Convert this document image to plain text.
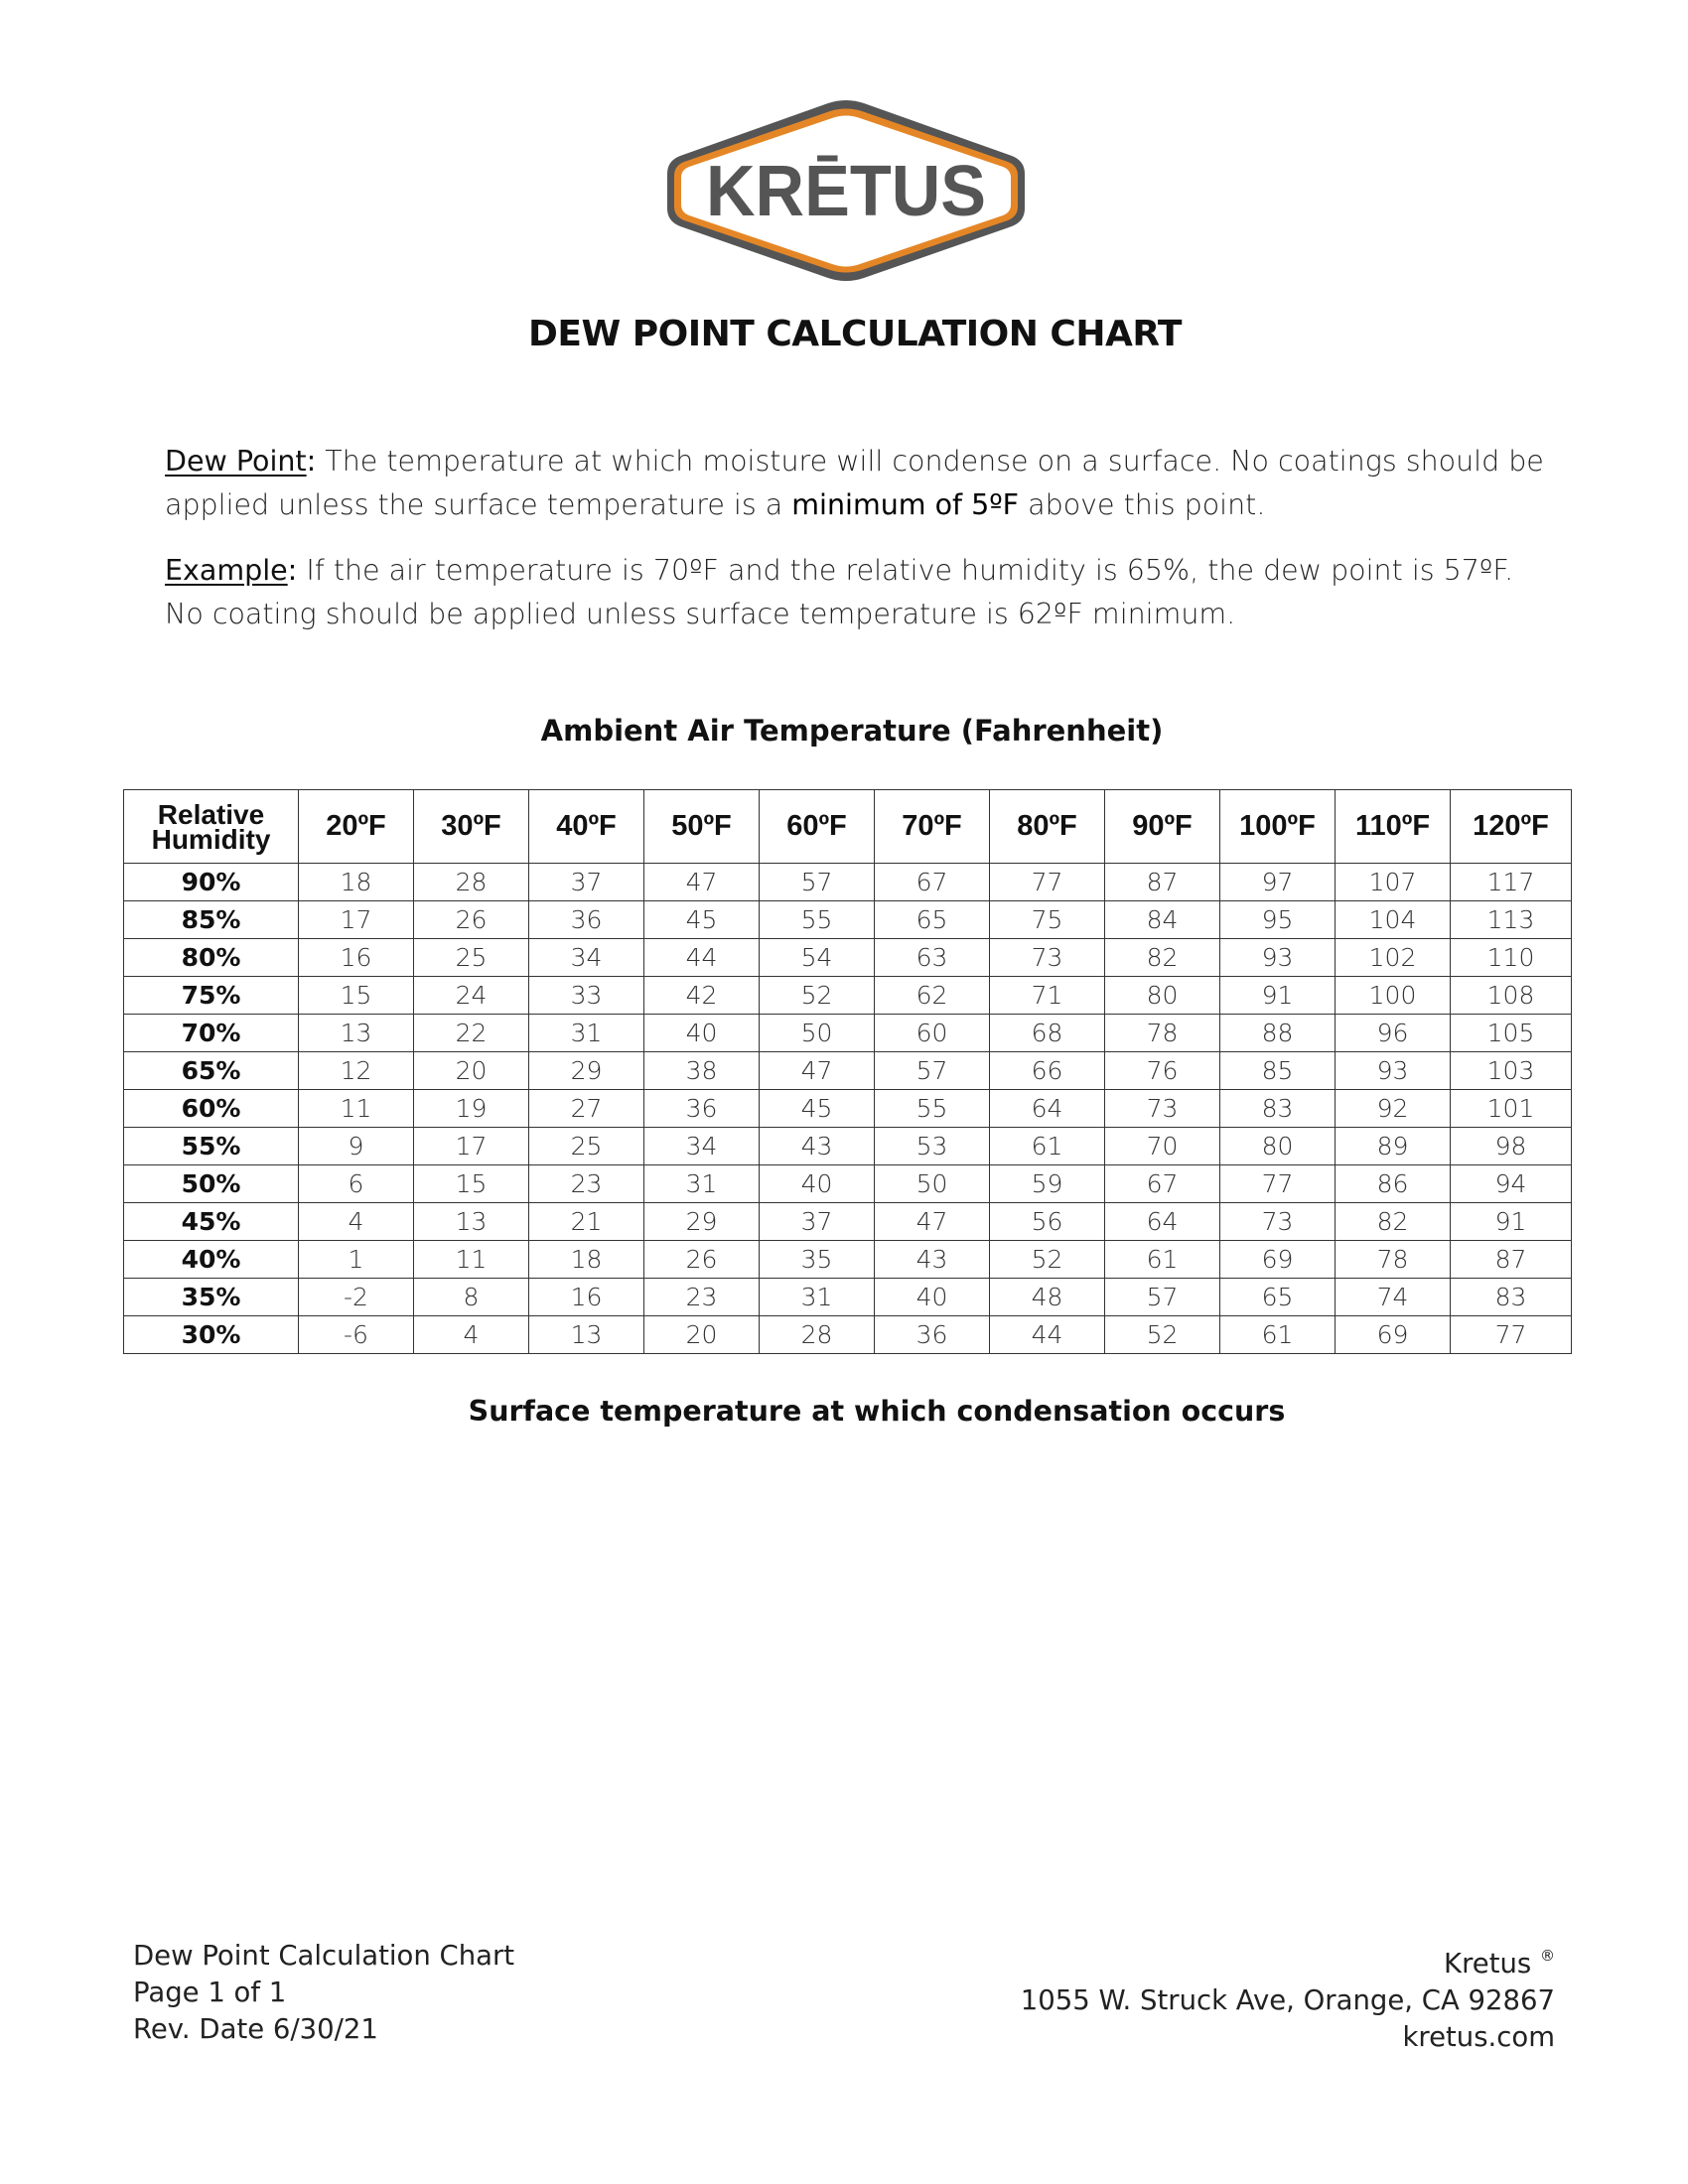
KRĒTUS
DEW POINT CALCULATION CHART
Dew Point: The temperature at which moisture will condense on a surface. No coatings should be applied unless the surface temperature is a minimum of 5ºF above this point.
Example: If the air temperature is 70ºF and the relative humidity is 65%, the dew point is 57ºF. No coating should be applied unless surface temperature is 62ºF minimum.
Ambient Air Temperature (Fahrenheit)
Relative
Humidity	20ºF	30ºF	40ºF	50ºF	60ºF	70ºF	80ºF	90ºF	100ºF	110ºF	120ºF
90%	18	28	37	47	57	67	77	87	97	107	117
85%	17	26	36	45	55	65	75	84	95	104	113
80%	16	25	34	44	54	63	73	82	93	102	110
75%	15	24	33	42	52	62	71	80	91	100	108
70%	13	22	31	40	50	60	68	78	88	96	105
65%	12	20	29	38	47	57	66	76	85	93	103
60%	11	19	27	36	45	55	64	73	83	92	101
55%	9	17	25	34	43	53	61	70	80	89	98
50%	6	15	23	31	40	50	59	67	77	86	94
45%	4	13	21	29	37	47	56	64	73	82	91
40%	1	11	18	26	35	43	52	61	69	78	87
35%	-2	8	16	23	31	40	48	57	65	74	83
30%	-6	4	13	20	28	36	44	52	61	69	77
Surface temperature at which condensation occurs
Dew Point Calculation Chart
Page 1 of 1
Rev. Date 6/30/21
Kretus ®
1055 W. Struck Ave, Orange, CA 92867
kretus.com
